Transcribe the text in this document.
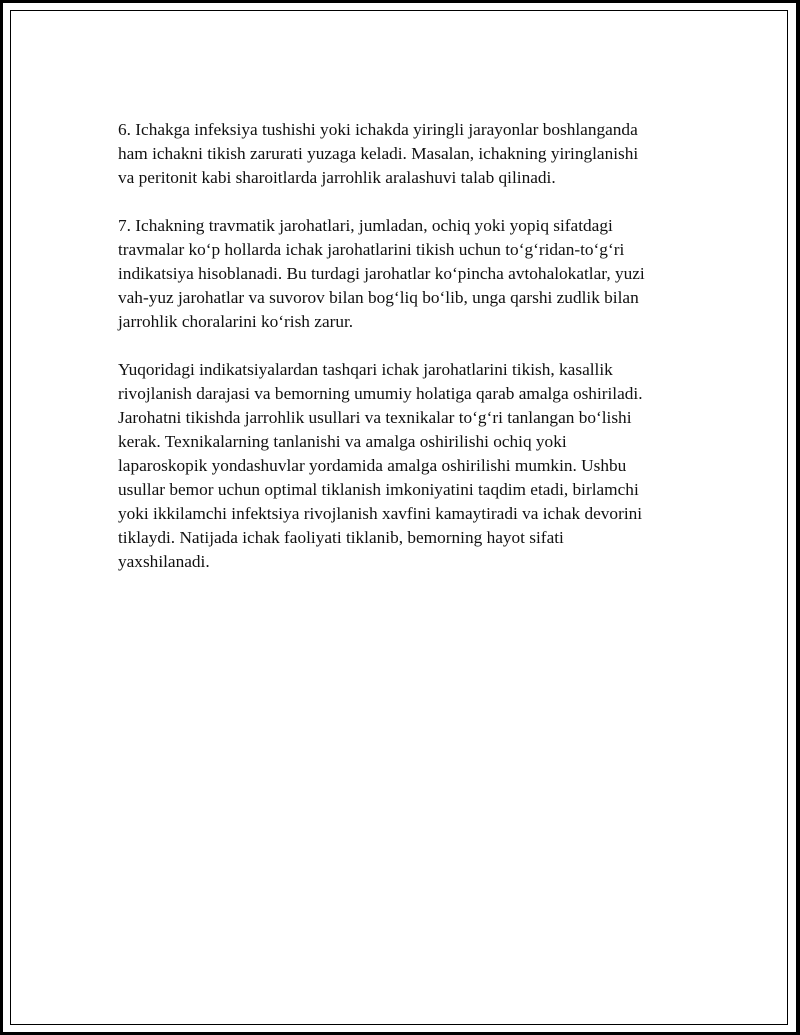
6. Ichakga infeksiya tushishi yoki ichakda yiringli jarayonlar boshlanganda
ham ichakni tikish zarurati yuzaga keladi. Masalan, ichakning yiringlanishi
va peritonit kabi sharoitlarda jarrohlik aralashuvi talab qilinadi.

7. Ichakning travmatik jarohatlari, jumladan, ochiq yoki yopiq sifatdagi
travmalar ko‘p hollarda ichak jarohatlarini tikish uchun to‘g‘ridan-to‘g‘ri
indikatsiya hisoblanadi. Bu turdagi jarohatlar ko‘pincha avtohalokatlar, yuzi
vah-yuz jarohatlar va suvorov bilan bog‘liq bo‘lib, unga qarshi zudlik bilan
jarrohlik choralarini ko‘rish zarur.

Yuqoridagi indikatsiyalardan tashqari ichak jarohatlarini tikish, kasallik
rivojlanish darajasi va bemorning umumiy holatiga qarab amalga oshiriladi.
Jarohatni tikishda jarrohlik usullari va texnikalar to‘g‘ri tanlangan bo‘lishi
kerak. Texnikalarning tanlanishi va amalga oshirilishi ochiq yoki
laparoskopik yondashuvlar yordamida amalga oshirilishi mumkin. Ushbu
usullar bemor uchun optimal tiklanish imkoniyatini taqdim etadi, birlamchi
yoki ikkilamchi infektsiya rivojlanish xavfini kamaytiradi va ichak devorini
tiklaydi. Natijada ichak faoliyati tiklanib, bemorning hayot sifati
yaxshilanadi.
